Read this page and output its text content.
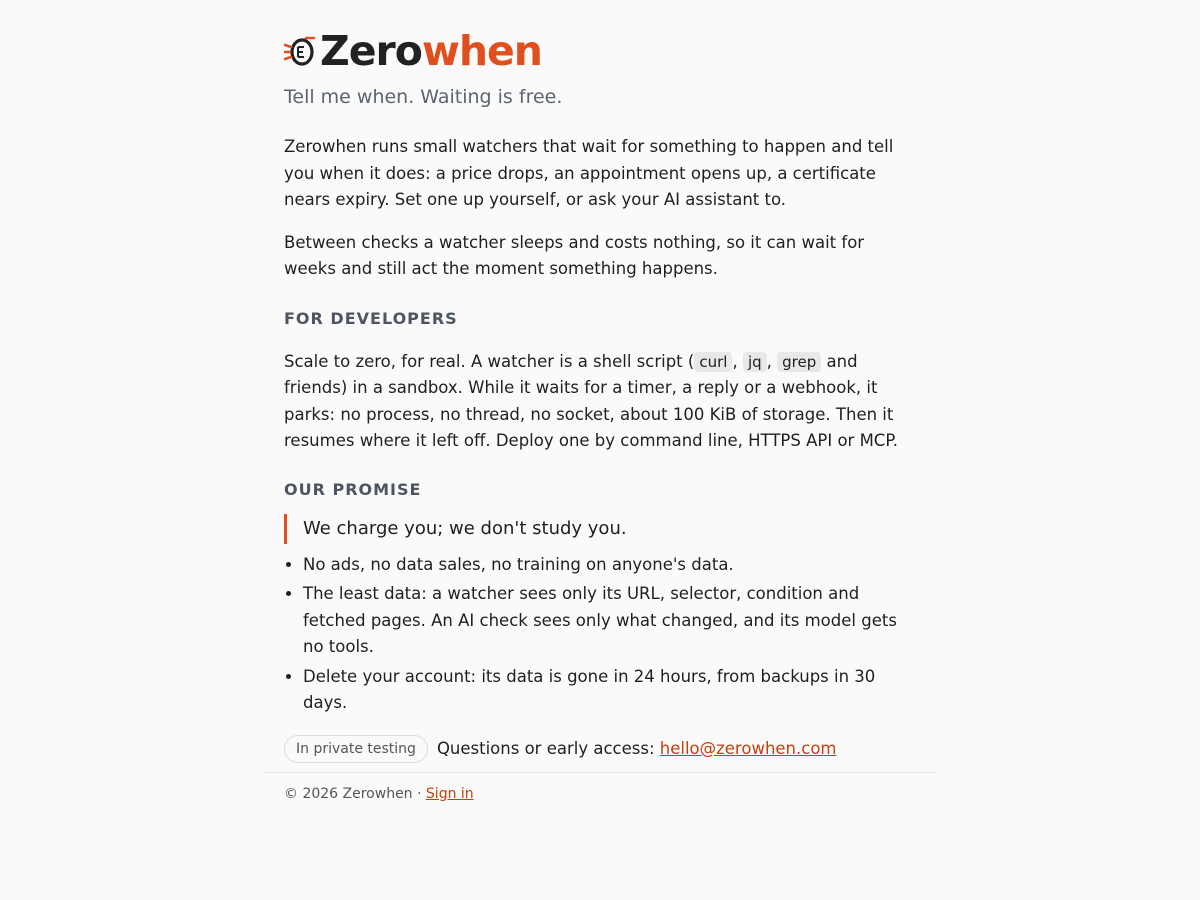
Zerowhen
Tell me when. Waiting is free.

Zerowhen runs small watchers that wait for something to happen and tell you when it does: a price drops, an appointment opens up, a certificate nears expiry. Set one up yourself, or ask your AI assistant to.

Between checks a watcher sleeps and costs nothing, so it can wait for weeks and still act the moment something happens.

FOR DEVELOPERS

Scale to zero, for real. A watcher is a shell script ( curl , jq , grep and friends) in a sandbox. While it waits for a timer, a reply or a webhook, it parks: no process, no thread, no socket, about 100 KiB of storage. Then it resumes where it left off. Deploy one by command line, HTTPS API or MCP.

OUR PROMISE
We charge you; we don't study you.
• No ads, no data sales, no training on anyone's data.
• The least data: a watcher sees only its URL, selector, condition and fetched pages. An AI check sees only what changed, and its model gets no tools.
• Delete your account: its data is gone in 24 hours, from backups in 30 days.
In private testing	Questions or early access:
hello@zerowhen.com
© 2026 Zerowhen · Sign in
